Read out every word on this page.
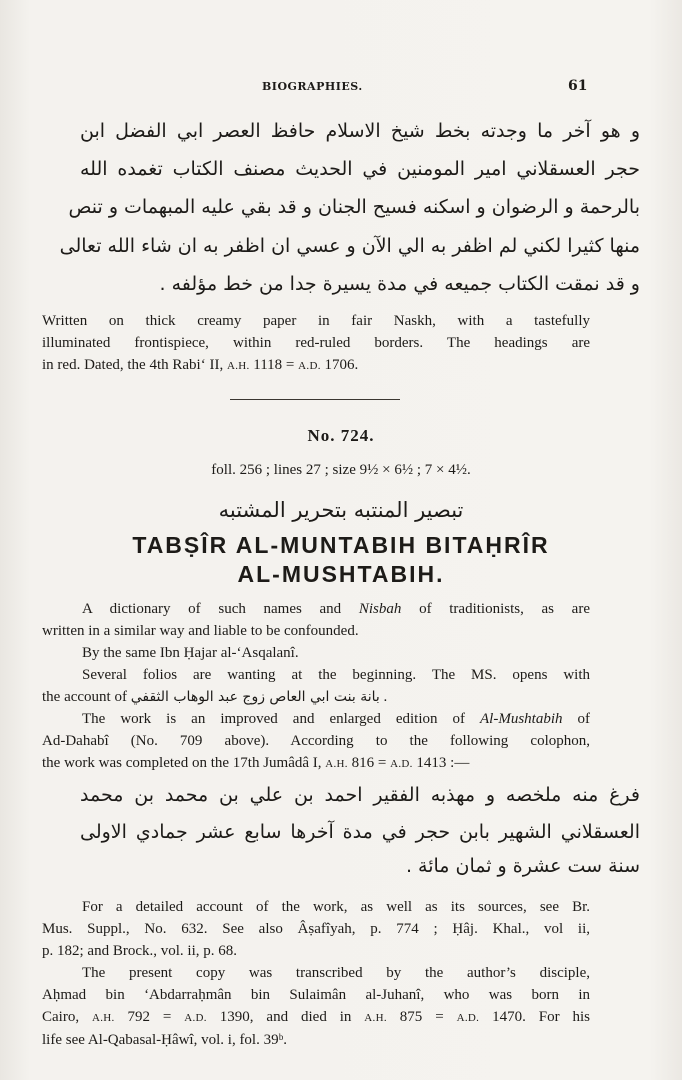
BIOGRAPHIES.	61
و هو آخر ما وجدته بخط شيخ الاسلام حافظ العصر ابي الفضل ابن
حجر العسقلاني امير المومنين في الحديث مصنف الكتاب تغمده الله
بالرحمة و الرضوان و اسكنه فسيح الجنان و قد بقي عليه المبهمات و تنص
منها كثيرا لكني لم اظفر به الي الآن و عسي ان اظفر به ان شاء الله تعالى
و قد نمقت الكتاب جميعه في مدة يسيرة جدا من خط مؤلفه .
Written on thick creamy paper in fair Naskh, with a tastefully
illuminated frontispiece, within red-ruled borders. The headings are
in red. Dated, the 4th Rabi‘ II, A.H. 1118 = A.D. 1706.
No. 724.
foll. 256 ; lines 27 ; size 9½ × 6½ ; 7 × 4½.
تبصير المنتبه بتحرير المشتبه
TABṢÎR AL-MUNTABIH BITAḤRÎR
AL-MUSHTABIH.
A dictionary of such names and Nisbah of traditionists, as are
written in a similar way and liable to be confounded.
By the same Ibn Ḥajar al-‘Asqalanî.
Several folios are wanting at the beginning. The MS. opens with
the account of بانة بنت ابي العاص زوج عبد الوهاب الثقفي .
The work is an improved and enlarged edition of Al-Mushtabih of
Ad-Dahabî (No. 709 above). According to the following colophon,
the work was completed on the 17th Jumâdâ I, A.H. 816 = A.D. 1413 :—
فرغ منه ملخصه و مهذبه الفقير احمد بن علي بن محمد بن محمد
العسقلاني الشهير بابن حجر في مدة آخرها سابع عشر جمادي الاولى
سنة ست عشرة و ثمان مائة .
For a detailed account of the work, as well as its sources, see Br.
Mus. Suppl., No. 632. See also Âṣafîyah, p. 774 ; Ḥâj. Khal., vol ii,
p. 182; and Brock., vol. ii, p. 68.
The present copy was transcribed by the author’s disciple,
Aḥmad bin ‘Abdarraḥmân bin Sulaimân al-Juhanî, who was born in
Cairo, A.H. 792 = A.D. 1390, and died in A.H. 875 = A.D. 1470. For his
life see Al-Qabasal-Ḥâwî, vol. i, fol. 39ᵇ.
